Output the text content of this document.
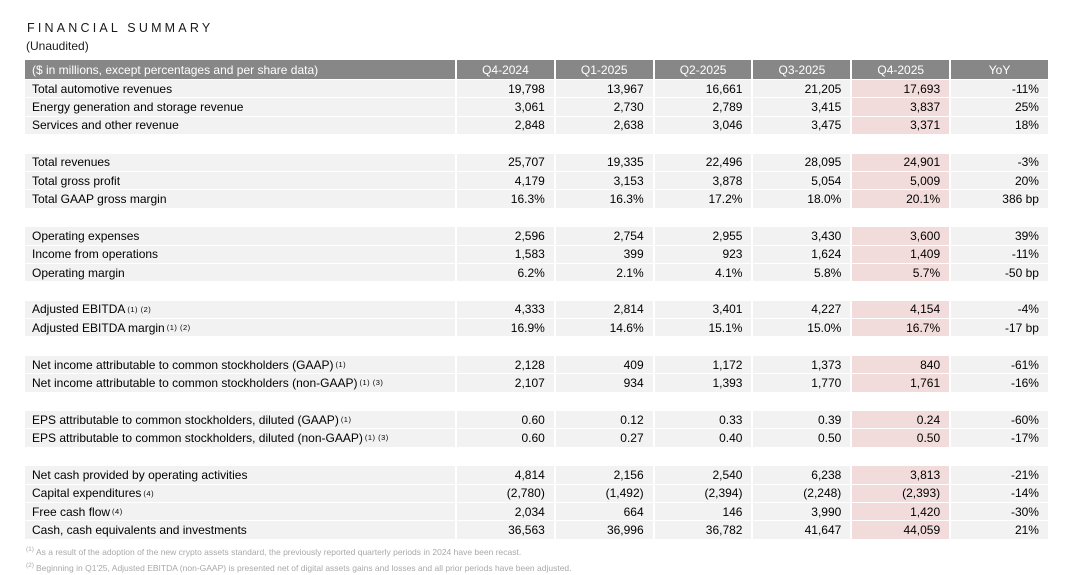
FINANCIAL SUMMARY
(Unaudited)
($ in millions, except percentages and per share data)	Q4-2024	Q1-2025	Q2-2025	Q3-2025	Q4-2025	YoY
Total automotive revenues	19,798	13,967	16,661	21,205	17,693	-11%
Energy generation and storage revenue	3,061	2,730	2,789	3,415	3,837	25%
Services and other revenue	2,848	2,638	3,046	3,475	3,371	18%
Total revenues	25,707	19,335	22,496	28,095	24,901	-3%
Total gross profit	4,179	3,153	3,878	5,054	5,009	20%
Total GAAP gross margin	16.3%	16.3%	17.2%	18.0%	20.1%	386 bp
Operating expenses	2,596	2,754	2,955	3,430	3,600	39%
Income from operations	1,583	399	923	1,624	1,409	-11%
Operating margin	6.2%	2.1%	4.1%	5.8%	5.7%	-50 bp
Adjusted EBITDA (1) (2)	4,333	2,814	3,401	4,227	4,154	-4%
Adjusted EBITDA margin (1) (2)	16.9%	14.6%	15.1%	15.0%	16.7%	-17 bp
Net income attributable to common stockholders (GAAP) (1)	2,128	409	1,172	1,373	840	-61%
Net income attributable to common stockholders (non-GAAP) (1) (3)	2,107	934	1,393	1,770	1,761	-16%
EPS attributable to common stockholders, diluted (GAAP) (1)	0.60	0.12	0.33	0.39	0.24	-60%
EPS attributable to common stockholders, diluted (non-GAAP) (1) (3)	0.60	0.27	0.40	0.50	0.50	-17%
Net cash provided by operating activities	4,814	2,156	2,540	6,238	3,813	-21%
Capital expenditures (4)	(2,780)	(1,492)	(2,394)	(2,248)	(2,393)	-14%
Free cash flow (4)	2,034	664	146	3,990	1,420	-30%
Cash, cash equivalents and investments	36,563	36,996	36,782	41,647	44,059	21%
$^{(1)}$ As a result of the adoption of the new crypto assets standard, the previously reported quarterly periods in 2024 have been recast.
$^{(2)}$ Beginning in Q1'25, Adjusted EBITDA (non-GAAP) is presented net of digital assets gains and losses and all prior periods have been adjusted.
